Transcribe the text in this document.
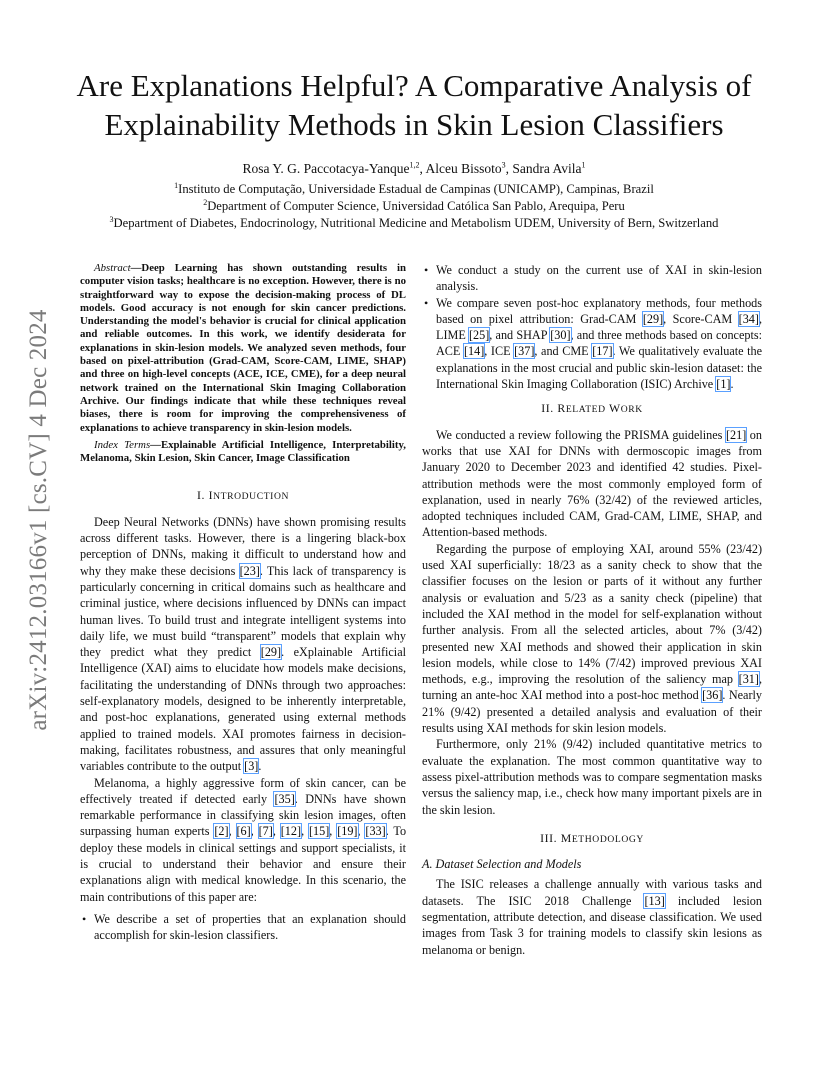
arXiv:2412.03166v1 [cs.CV] 4 Dec 2024
Are Explanations Helpful? A Comparative Analysis of Explainability Methods in Skin Lesion Classifiers
Rosa Y. G. Paccotacya-Yanque$^{1,2}$, Alceu Bissoto$^3$, Sandra Avila$^1$
$^1$Instituto de Computação, Universidade Estadual de Campinas (UNICAMP), Campinas, Brazil
$^2$Department of Computer Science, Universidad Católica San Pablo, Arequipa, Peru
$^3$Department of Diabetes, Endocrinology, Nutritional Medicine and Metabolism UDEM, University of Bern, Switzerland

Abstract—Deep Learning has shown outstanding results in computer vision tasks; healthcare is no exception. However, there is no straightforward way to expose the decision-making process of DL models. Good accuracy is not enough for skin cancer predictions. Understanding the model's behavior is crucial for clinical application and reliable outcomes. In this work, we identify desiderata for explanations in skin-lesion models. We analyzed seven methods, four based on pixel-attribution (Grad-CAM, Score-CAM, LIME, SHAP) and three on high-level concepts (ACE, ICE, CME), for a deep neural network trained on the International Skin Imaging Collaboration Archive. Our findings indicate that while these techniques reveal biases, there is room for improving the comprehensiveness of explanations to achieve transparency in skin-lesion models.

Index Terms—Explainable Artificial Intelligence, Interpretability, Melanoma, Skin Lesion, Skin Cancer, Image Classification

I. INTRODUCTION

Deep Neural Networks (DNNs) have shown promising results across different tasks. However, there is a lingering black-box perception of DNNs, making it difficult to understand how and why they make these decisions [23]. This lack of transparency is particularly concerning in critical domains such as healthcare and criminal justice, where decisions influenced by DNNs can impact human lives. To build trust and integrate intelligent systems into daily life, we must build “transparent” models that explain why they predict what they predict [29]. eXplainable Artificial Intelligence (XAI) aims to elucidate how models make decisions, facilitating the understanding of DNNs through two approaches: self-explanatory models, designed to be inherently interpretable, and post-hoc explanations, generated using external methods applied to trained models. XAI promotes fairness in decision-making, facilitates robustness, and assures that only meaningful variables contribute to the output [3].

Melanoma, a highly aggressive form of skin cancer, can be effectively treated if detected early [35]. DNNs have shown remarkable performance in classifying skin lesion images, often surpassing human experts [2], [6], [7], [12], [15], [19], [33]. To deploy these models in clinical settings and support specialists, it is crucial to understand their behavior and ensure their explanations align with medical knowledge. In this scenario, the main contributions of this paper are:

• We describe a set of properties that an explanation should accomplish for skin-lesion classifiers.
• We conduct a study on the current use of XAI in skin-lesion analysis.
• We compare seven post-hoc explanatory methods, four methods based on pixel attribution: Grad-CAM [29], Score-CAM [34], LIME [25], and SHAP [30], and three methods based on concepts: ACE [14], ICE [37], and CME [17]. We qualitatively evaluate the explanations in the most crucial and public skin-lesion dataset: the International Skin Imaging Collaboration (ISIC) Archive [1].

II. RELATED WORK

We conducted a review following the PRISMA guidelines [21] on works that use XAI for DNNs with dermoscopic images from January 2020 to December 2023 and identified 42 studies. Pixel-attribution methods were the most commonly employed form of explanation, used in nearly 76% (32/42) of the reviewed articles, adopted techniques included CAM, Grad-CAM, LIME, SHAP, and Attention-based methods.

Regarding the purpose of employing XAI, around 55% (23/42) used XAI superficially: 18/23 as a sanity check to show that the classifier focuses on the lesion or parts of it without any further analysis or evaluation and 5/23 as a sanity check (pipeline) that included the XAI method in the model for self-explanation without further analysis. From all the selected articles, about 7% (3/42) presented new XAI methods and showed their application in skin lesion models, while close to 14% (7/42) improved previous XAI methods, e.g., improving the resolution of the saliency map [31], turning an ante-hoc XAI method into a post-hoc method [36]. Nearly 21% (9/42) presented a detailed analysis and evaluation of their results using XAI methods for skin lesion models.

Furthermore, only 21% (9/42) included quantitative metrics to evaluate the explanation. The most common quantitative way to assess pixel-attribution methods was to compare segmentation masks versus the saliency map, i.e., check how many important pixels are in the skin lesion.

III. METHODOLOGY

A. Dataset Selection and Models

The ISIC releases a challenge annually with various tasks and datasets. The ISIC 2018 Challenge [13] included lesion segmentation, attribute detection, and disease classification. We used images from Task 3 for training models to classify skin lesions as melanoma or benign.
